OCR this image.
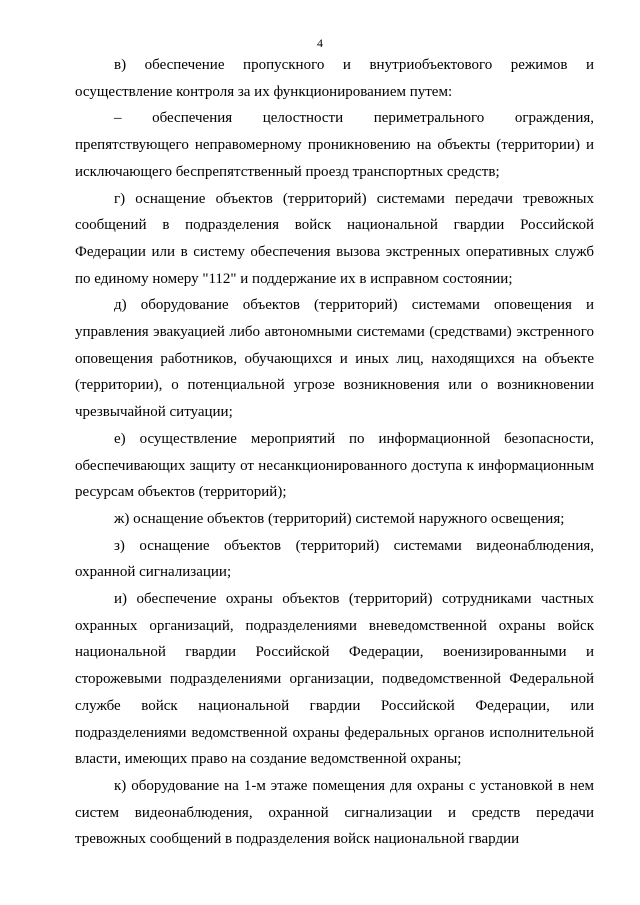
4

в) обеспечение пропускного и внутриобъектового режимов и осуществление контроля за их функционированием путем:

– обеспечения целостности периметрального ограждения, препятствующего неправомерному проникновению на объекты (территории) и исключающего беспрепятственный проезд транспортных средств;

г) оснащение объектов (территорий) системами передачи тревожных сообщений в подразделения войск национальной гвардии Российской Федерации или в систему обеспечения вызова экстренных оперативных служб по единому номеру "112" и поддержание их в исправном состоянии;

д) оборудование объектов (территорий) системами оповещения и управления эвакуацией либо автономными системами (средствами) экстренного оповещения работников, обучающихся и иных лиц, находящихся на объекте (территории), о потенциальной угрозе возникновения или о возникновении чрезвычайной ситуации;

е) осуществление мероприятий по информационной безопасности, обеспечивающих защиту от несанкционированного доступа к информационным ресурсам объектов (территорий);

ж) оснащение объектов (территорий) системой наружного освещения;

з) оснащение объектов (территорий) системами видеонаблюдения, охранной сигнализации;

и) обеспечение охраны объектов (территорий) сотрудниками частных охранных организаций, подразделениями вневедомственной охраны войск национальной гвардии Российской Федерации, военизированными и сторожевыми подразделениями организации, подведомственной Федеральной службе войск национальной гвардии Российской Федерации, или подразделениями ведомственной охраны федеральных органов исполнительной власти, имеющих право на создание ведомственной охраны;

к) оборудование на 1-м этаже помещения для охраны с установкой в нем систем видеонаблюдения, охранной сигнализации и средств передачи тревожных сообщений в подразделения войск национальной гвардии
